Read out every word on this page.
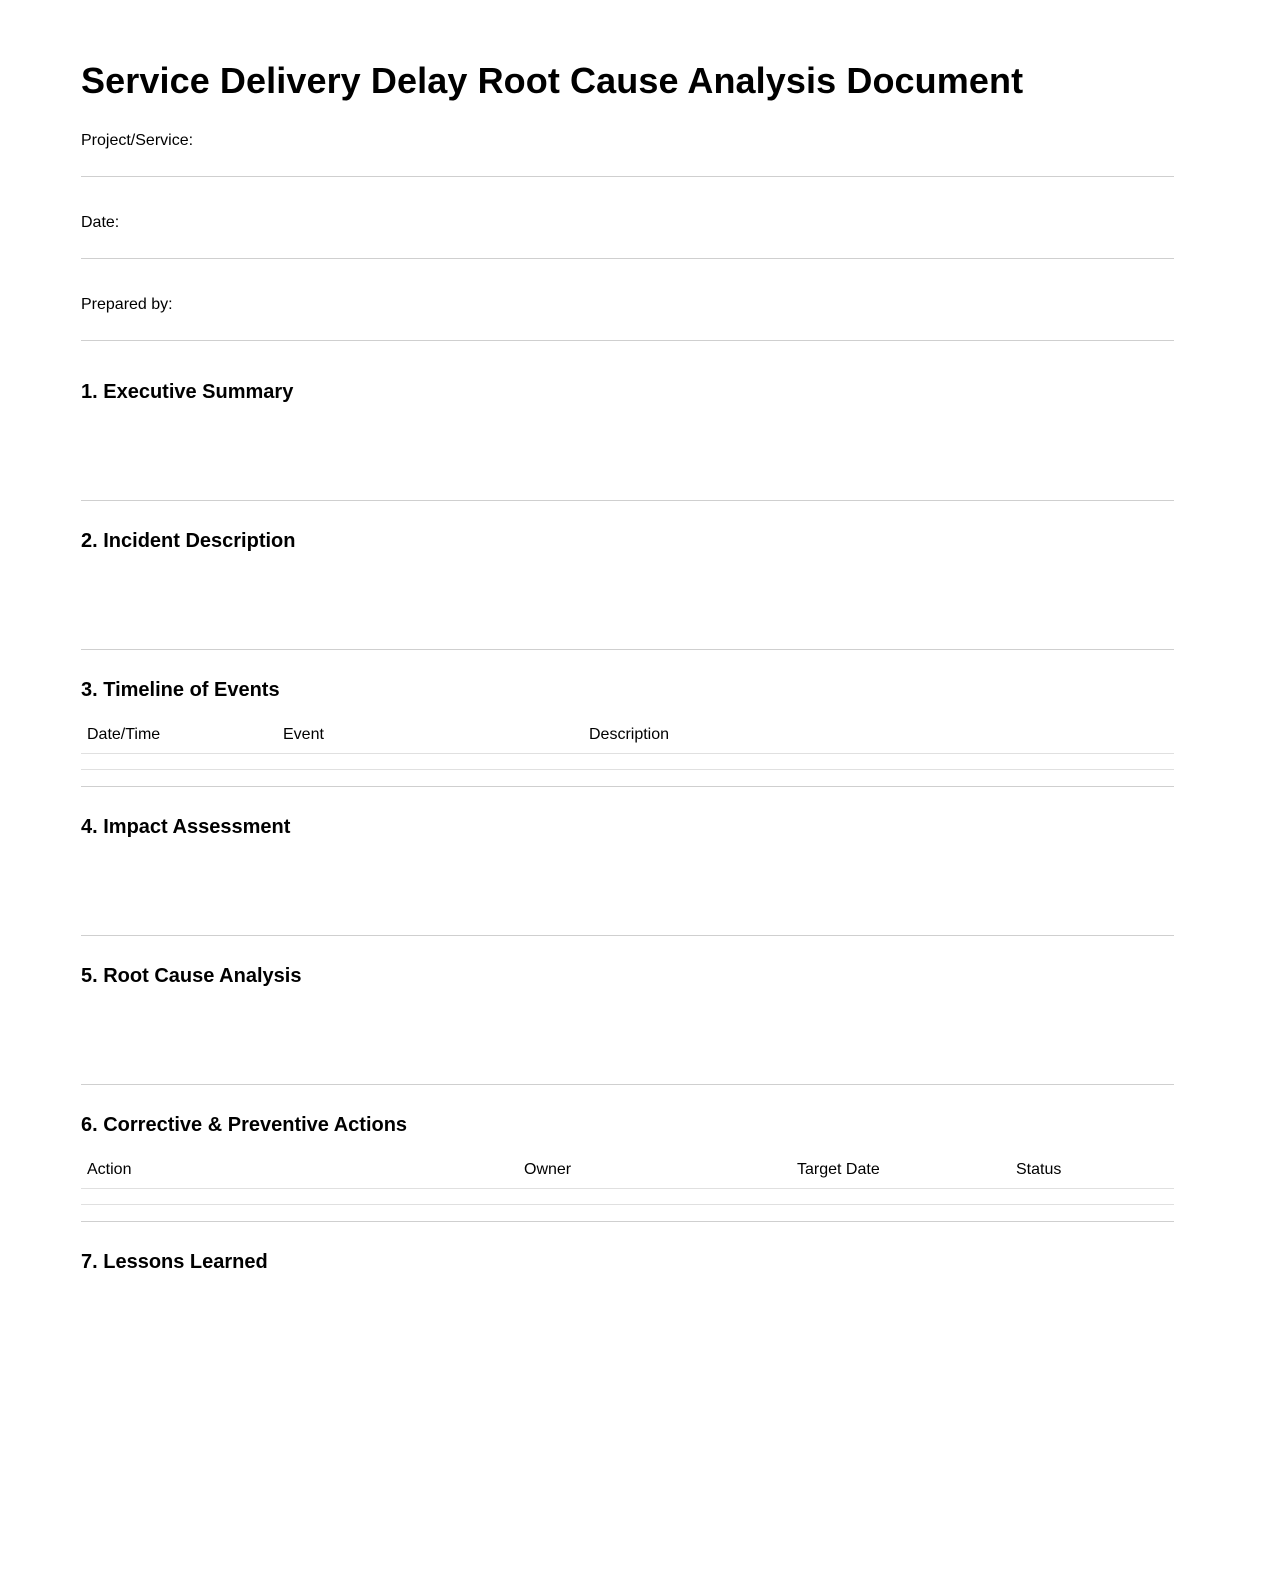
Service Delivery Delay Root Cause Analysis Document
Project/Service:
Date:
Prepared by:
1. Executive Summary
2. Incident Description
3. Timeline of Events
Date/Time	Event	Description
4. Impact Assessment
5. Root Cause Analysis
6. Corrective & Preventive Actions
Action	Owner	Target Date	Status
7. Lessons Learned
